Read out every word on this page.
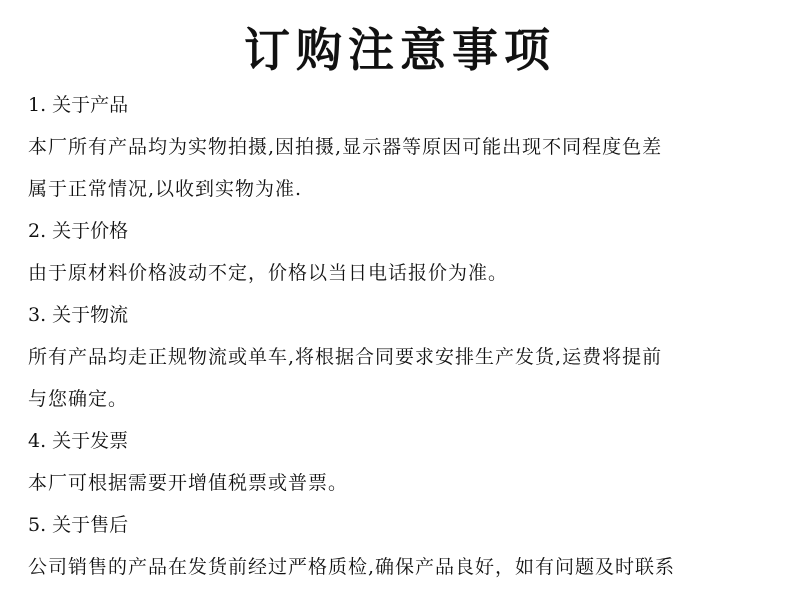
订购注意事项
1. 关于产品
本厂所有产品均为实物拍摄,因拍摄,显示器等原因可能出现不同程度色差
属于正常情况,以收到实物为准.
2. 关于价格
由于原材料价格波动不定，价格以当日电话报价为准。
3. 关于物流
所有产品均走正规物流或单车,将根据合同要求安排生产发货,运费将提前
与您确定。
4. 关于发票
本厂可根据需要开增值税票或普票。
5. 关于售后
公司销售的产品在发货前经过严格质检,确保产品良好，如有问题及时联系
